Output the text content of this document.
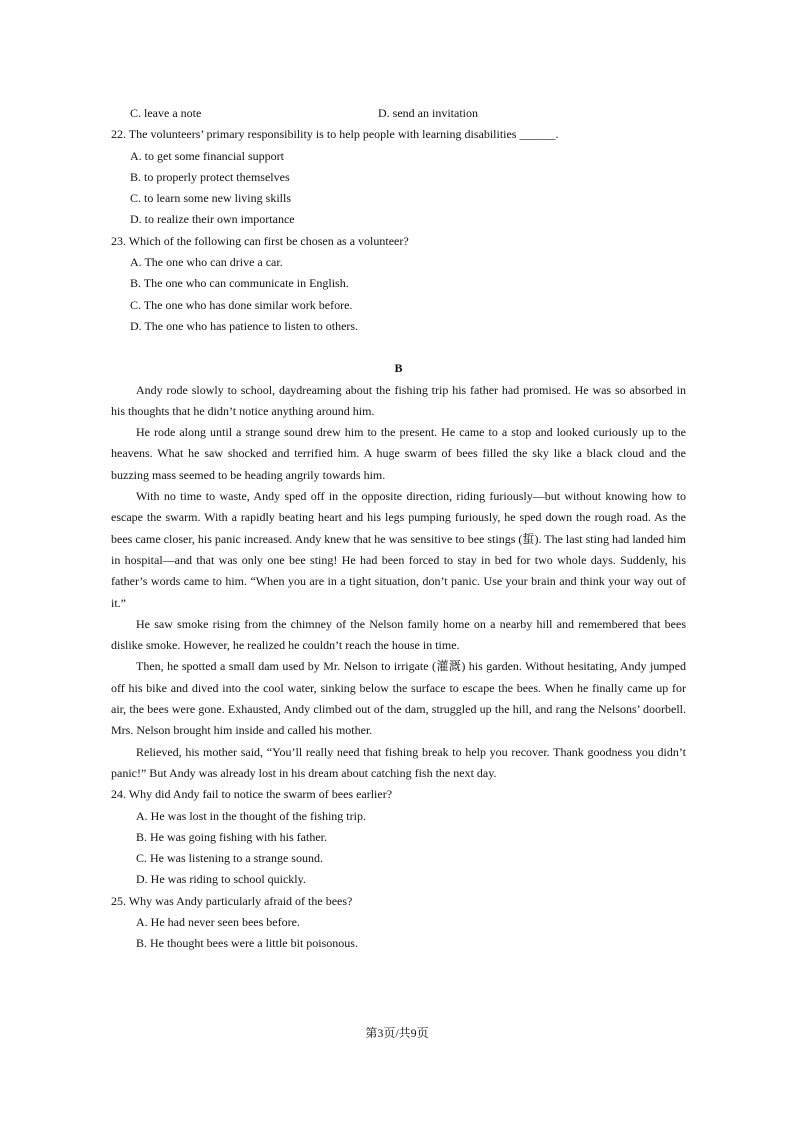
C. leave a note	D. send an invitation
22. The volunteers’ primary responsibility is to help people with learning disabilities ______.
A. to get some financial support
B. to properly protect themselves
C. to learn some new living skills
D. to realize their own importance
23. Which of the following can first be chosen as a volunteer?
A. The one who can drive a car.
B. The one who can communicate in English.
C. The one who has done similar work before.
D. The one who has patience to listen to others.
B

Andy rode slowly to school, daydreaming about the fishing trip his father had promised. He was so absorbed in his thoughts that he didn’t notice anything around him.

He rode along until a strange sound drew him to the present. He came to a stop and looked curiously up to the heavens. What he saw shocked and terrified him. A huge swarm of bees filled the sky like a black cloud and the buzzing mass seemed to be heading angrily towards him.

With no time to waste, Andy sped off in the opposite direction, riding furiously—but without knowing how to escape the swarm. With a rapidly beating heart and his legs pumping furiously, he sped down the rough road. As the bees came closer, his panic increased. Andy knew that he was sensitive to bee stings (蜇). The last sting had landed him in hospital—and that was only one bee sting! He had been forced to stay in bed for two whole days. Suddenly, his father’s words came to him. “When you are in a tight situation, don’t panic. Use your brain and think your way out of it.”

He saw smoke rising from the chimney of the Nelson family home on a nearby hill and remembered that bees dislike smoke. However, he realized he couldn’t reach the house in time.

Then, he spotted a small dam used by Mr. Nelson to irrigate (灌溉) his garden. Without hesitating, Andy jumped off his bike and dived into the cool water, sinking below the surface to escape the bees. When he finally came up for air, the bees were gone. Exhausted, Andy climbed out of the dam, struggled up the hill, and rang the Nelsons’ doorbell. Mrs. Nelson brought him inside and called his mother.

Relieved, his mother said, “You’ll really need that fishing break to help you recover. Thank goodness you didn’t panic!” But Andy was already lost in his dream about catching fish the next day.

24. Why did Andy fail to notice the swarm of bees earlier?
A. He was lost in the thought of the fishing trip.
B. He was going fishing with his father.
C. He was listening to a strange sound.
D. He was riding to school quickly.
25. Why was Andy particularly afraid of the bees?
A. He had never seen bees before.
B. He thought bees were a little bit poisonous.
第3页/共9页
